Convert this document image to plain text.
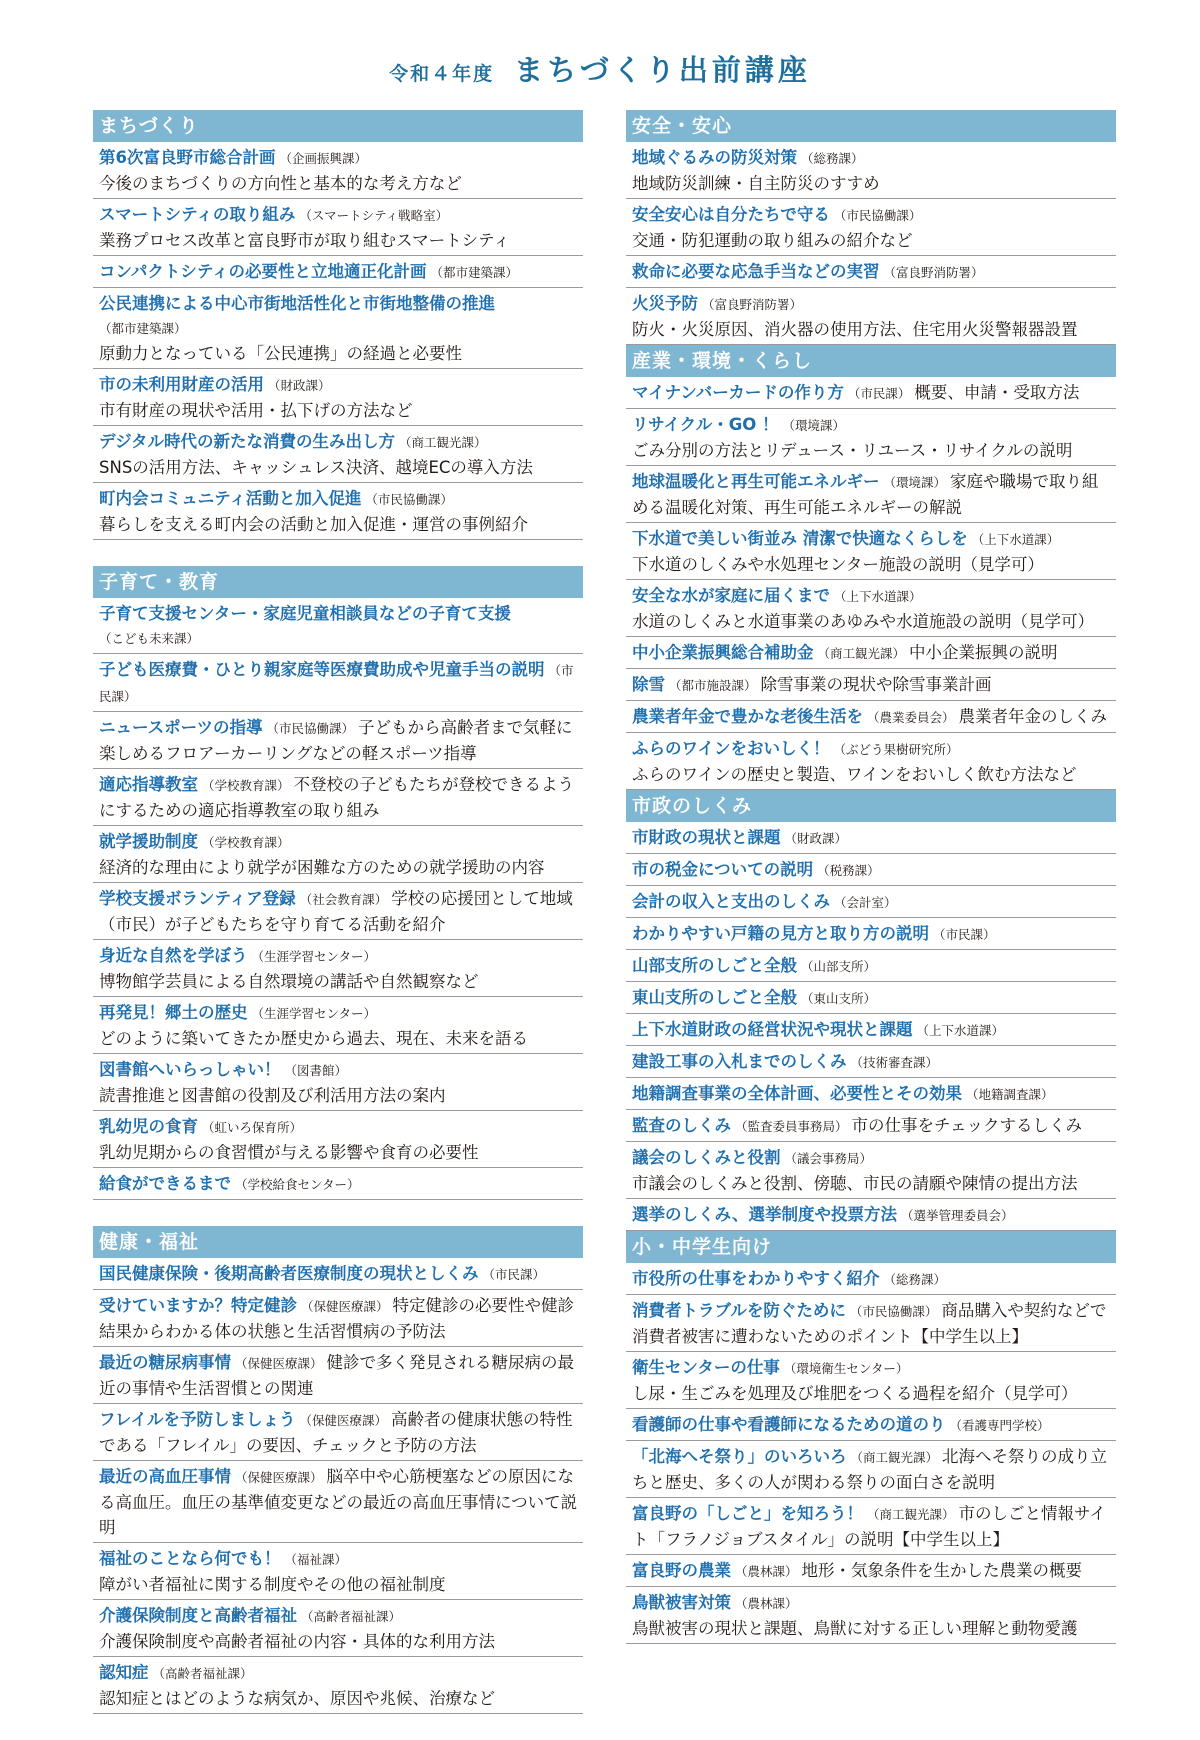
令和４年度 まちづくり出前講座
まちづくり
第6次富良野市総合計画 （企画振興課）
今後のまちづくりの方向性と基本的な考え方など
スマートシティの取り組み （スマートシティ戦略室）
業務プロセス改革と富良野市が取り組むスマートシティ
コンパクトシティの必要性と立地適正化計画 （都市建築課）
公民連携による中心市街地活性化と市街地整備の推進
（都市建築課）
原動力となっている「公民連携」の経過と必要性
市の未利用財産の活用 （財政課）
市有財産の現状や活用・払下げの方法など
デジタル時代の新たな消費の生み出し方 （商工観光課）
SNSの活用方法、キャッシュレス決済、越境ECの導入方法
町内会コミュニティ活動と加入促進 （市民協働課）
暮らしを支える町内会の活動と加入促進・運営の事例紹介
子育て・教育
子育て支援センター・家庭児童相談員などの子育て支援
（こども未来課）
子ども医療費・ひとり親家庭等医療費助成や児童手当の説明 （市民課）
ニュースポーツの指導 （市民協働課） 子どもから高齢者まで気軽に楽しめるフロアーカーリングなどの軽スポーツ指導
適応指導教室 （学校教育課） 不登校の子どもたちが登校できるようにするための適応指導教室の取り組み
就学援助制度 （学校教育課）
経済的な理由により就学が困難な方のための就学援助の内容
学校支援ボランティア登録 （社会教育課） 学校の応援団として地域（市民）が子どもたちを守り育てる活動を紹介
身近な自然を学ぼう （生涯学習センター）
博物館学芸員による自然環境の講話や自然観察など
再発見！郷土の歴史 （生涯学習センター）
どのように築いてきたか歴史から過去、現在、未来を語る
図書館へいらっしゃい！ （図書館）
読書推進と図書館の役割及び利活用方法の案内
乳幼児の食育 （虹いろ保育所）
乳幼児期からの食習慣が与える影響や食育の必要性
給食ができるまで （学校給食センター）
健康・福祉
国民健康保険・後期高齢者医療制度の現状としくみ （市民課）
受けていますか？特定健診 （保健医療課） 特定健診の必要性や健診結果からわかる体の状態と生活習慣病の予防法
最近の糖尿病事情 （保健医療課） 健診で多く発見される糖尿病の最近の事情や生活習慣との関連
フレイルを予防しましょう （保健医療課） 高齢者の健康状態の特性である「フレイル」の要因、チェックと予防の方法
最近の高血圧事情 （保健医療課） 脳卒中や心筋梗塞などの原因になる高血圧。血圧の基準値変更などの最近の高血圧事情について説明
福祉のことなら何でも！ （福祉課）
障がい者福祉に関する制度やその他の福祉制度
介護保険制度と高齢者福祉 （高齢者福祉課）
介護保険制度や高齢者福祉の内容・具体的な利用方法
認知症 （高齢者福祉課）
認知症とはどのような病気か、原因や兆候、治療など
安全・安心
地域ぐるみの防災対策 （総務課）
地域防災訓練・自主防災のすすめ
安全安心は自分たちで守る （市民協働課）
交通・防犯運動の取り組みの紹介など
救命に必要な応急手当などの実習 （富良野消防署）
火災予防 （富良野消防署）
防火・火災原因、消火器の使用方法、住宅用火災警報器設置
産業・環境・くらし
マイナンバーカードの作り方 （市民課） 概要、申請・受取方法
リサイクル・GO ！ （環境課）
ごみ分別の方法とリデュース・リユース・リサイクルの説明
地球温暖化と再生可能エネルギー （環境課） 家庭や職場で取り組める温暖化対策、再生可能エネルギーの解説
下水道で美しい街並み 清潔で快適なくらしを （上下水道課）
下水道のしくみや水処理センター施設の説明（見学可）
安全な水が家庭に届くまで （上下水道課）
水道のしくみと水道事業のあゆみや水道施設の説明（見学可）
中小企業振興総合補助金 （商工観光課） 中小企業振興の説明
除雪 （都市施設課） 除雪事業の現状や除雪事業計画
農業者年金で豊かな老後生活を （農業委員会） 農業者年金のしくみ
ふらのワインをおいしく！ （ぶどう果樹研究所）
ふらのワインの歴史と製造、ワインをおいしく飲む方法など
市政のしくみ
市財政の現状と課題 （財政課）
市の税金についての説明 （税務課）
会計の収入と支出のしくみ （会計室）
わかりやすい戸籍の見方と取り方の説明 （市民課）
山部支所のしごと全般 （山部支所）
東山支所のしごと全般 （東山支所）
上下水道財政の経営状況や現状と課題 （上下水道課）
建設工事の入札までのしくみ （技術審査課）
地籍調査事業の全体計画、必要性とその効果 （地籍調査課）
監査のしくみ （監査委員事務局） 市の仕事をチェックするしくみ
議会のしくみと役割 （議会事務局）
市議会のしくみと役割、傍聴、市民の請願や陳情の提出方法
選挙のしくみ、選挙制度や投票方法 （選挙管理委員会）
小・中学生向け
市役所の仕事をわかりやすく紹介 （総務課）
消費者トラブルを防ぐために （市民協働課） 商品購入や契約などで消費者被害に遭わないためのポイント【中学生以上】
衛生センターの仕事 （環境衛生センター）
し尿・生ごみを処理及び堆肥をつくる過程を紹介（見学可）
看護師の仕事や看護師になるための道のり （看護専門学校）
「北海へそ祭り」のいろいろ （商工観光課） 北海へそ祭りの成り立ちと歴史、多くの人が関わる祭りの面白さを説明
富良野の「しごと」を知ろう！ （商工観光課） 市のしごと情報サイト「フラノジョブスタイル」の説明【中学生以上】
富良野の農業 （農林課） 地形・気象条件を生かした農業の概要
鳥獣被害対策 （農林課）
鳥獣被害の現状と課題、鳥獣に対する正しい理解と動物愛護
